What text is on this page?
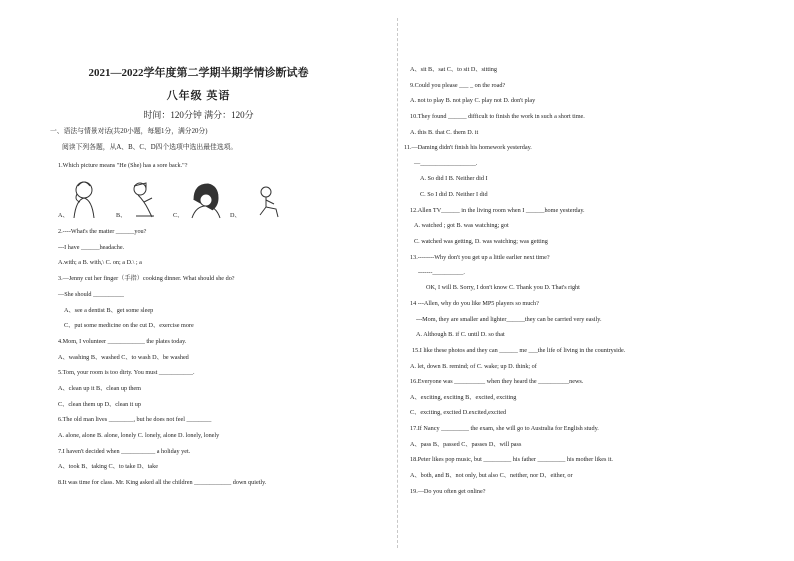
2021—2022学年度第二学期半期学情诊断试卷
八年级 英语
时间：120分钟 满分：120分
一、语法与情景对话(共20小题，每题1分，满分20分)
阅读下列各题，从A、B、C、D四个选项中选出最佳选项。
1.Which picture means "He (She) has a sore back."?
A、	B、	C、	D、
2.----What's the matter ______you?
---I have ______headache.
A.with; a B. with,\ C. on; a D.\ ; a
3.—Jenny cut her finger（手指）cooking dinner. What should she do?
—She should __________
A、see a dentist B、get some sleep
C、put some medicine on the cut D、exercise more
4.Mom, I volunteer ____________ the plates today.
A、washing B、washed C、to wash D、be washed
5.Tom, your room is too dirty. You must ___________.
A、clean up it B、clean up them
C、clean them up D、clean it up
6.The old man lives ________, but he does not feel ________
A. alone, alone B. alone, lonely C. lonely, alone D. lonely, lonely
7.I haven't decided when ___________ a holiday yet.
A、took B、taking C、to take D、take
8.It was time for class. Mr. King asked all the children ____________ down quietly.
A、sit B、sat C、to sit D、sitting
9.Could you please ___ _ on the road?
A. not to play B. not play C. play not D. don't play
10.They found ______ difficult to finish the work in such a short time.
A. this B. that C. them D. it
11.—Daming didn't finish his homework yesterday.
—__________________.
A. So did I B. Neither did I
C. So I did D. Neither I did
12.Allen TV______ in the living room when I ______home yesterday.
A. watched ; got B. was watching; got
C. watched was getting, D. was watching; was getting
13.--------Why don't you get up a little earlier next time?
-------__________.
OK, I will B. Sorry, I don't know C. Thank you D. That's right
14 ---Allen, why do you like MP5 players so much?
---Mom, they are smaller and lighter______they can be carried very easily.
A. Although B. if C. until D. so that
15.I like these photos and they can ______ me ___the life of living in the countryside.
A. let, down B. remind; of C. wake; up D. think; of
16.Everyone was __________ when they heard the __________news.
A、exciting, exciting B、excited, exciting
C、exciting, excited D.excited,excited
17.If Nancy _________ the exam, she will go to Australia for English study.
A、pass B、passed C、passes D、will pass
18.Peter likes pop music, but _________ his father _________ his mother likes it.
A、both, and B、not only, but also C、neither, nor D、either, or
19.—Do you often get online?
